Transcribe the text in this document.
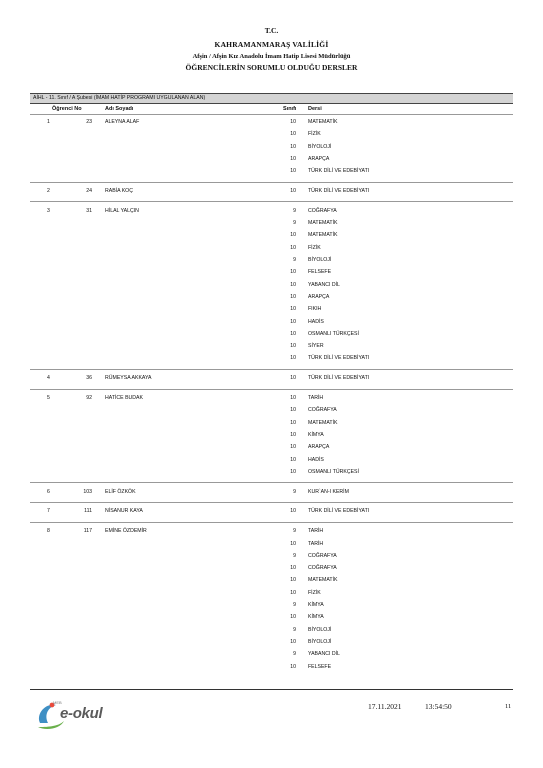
T.C.
KAHRAMANMARAŞ VALİLİĞİ
Afşin / Afşin Kız Anadolu İmam Hatip Lisesi Müdürlüğü
ÖĞRENCİLERİN SORUMLU OLDUĞU DERSLER
AİHL - 11. Sınıf / A Şubesi (İMAM HATİP PROGRAMI UYGULANAN ALAN)
Öğrenci No	Adı Soyadı	Sınıfı Dersi
1	23	ALEYNA ALAF	10 MATEMATİK
10 FİZİK
10 BİYOLOJİ
10 ARAPÇA
10 TÜRK DİLİ VE EDEBİYATI
2	24	RABİA KOÇ	10 TÜRK DİLİ VE EDEBİYATI
3	31	HİLAL YALÇIN	9 COĞRAFYA
9 MATEMATİK
10 MATEMATİK
10 FİZİK
9 BİYOLOJİ
10 FELSEFE
10 YABANCI DİL
10 ARAPÇA
10 FIKIH
10 HADİS
10 OSMANLI TÜRKÇESİ
10 SİYER
10 TÜRK DİLİ VE EDEBİYATI
4	36	RÜMEYSA AKKAYA	10 TÜRK DİLİ VE EDEBİYATI
5	92	HATİCE BUDAK	10 TARİH
10 COĞRAFYA
10 MATEMATİK
10 KİMYA
10 ARAPÇA
10 HADİS
10 OSMANLI TÜRKÇESİ
6	103	ELİF ÖZKÖK	9 KUR`AN-I KERİM
7	111	NİSANUR KAYA	10 TÜRK DİLİ VE EDEBİYATI
8	117	EMİNE ÖZDEMİR	9 TARİH
10 TARİH
9 COĞRAFYA
10 COĞRAFYA
10 MATEMATİK
10 FİZİK
9 KİMYA
10 KİMYA
9 BİYOLOJİ
10 BİYOLOJİ
9 YABANCI DİL
10 FELSEFE
MEB
e-okul	17.11.2021	13:54:50	11
